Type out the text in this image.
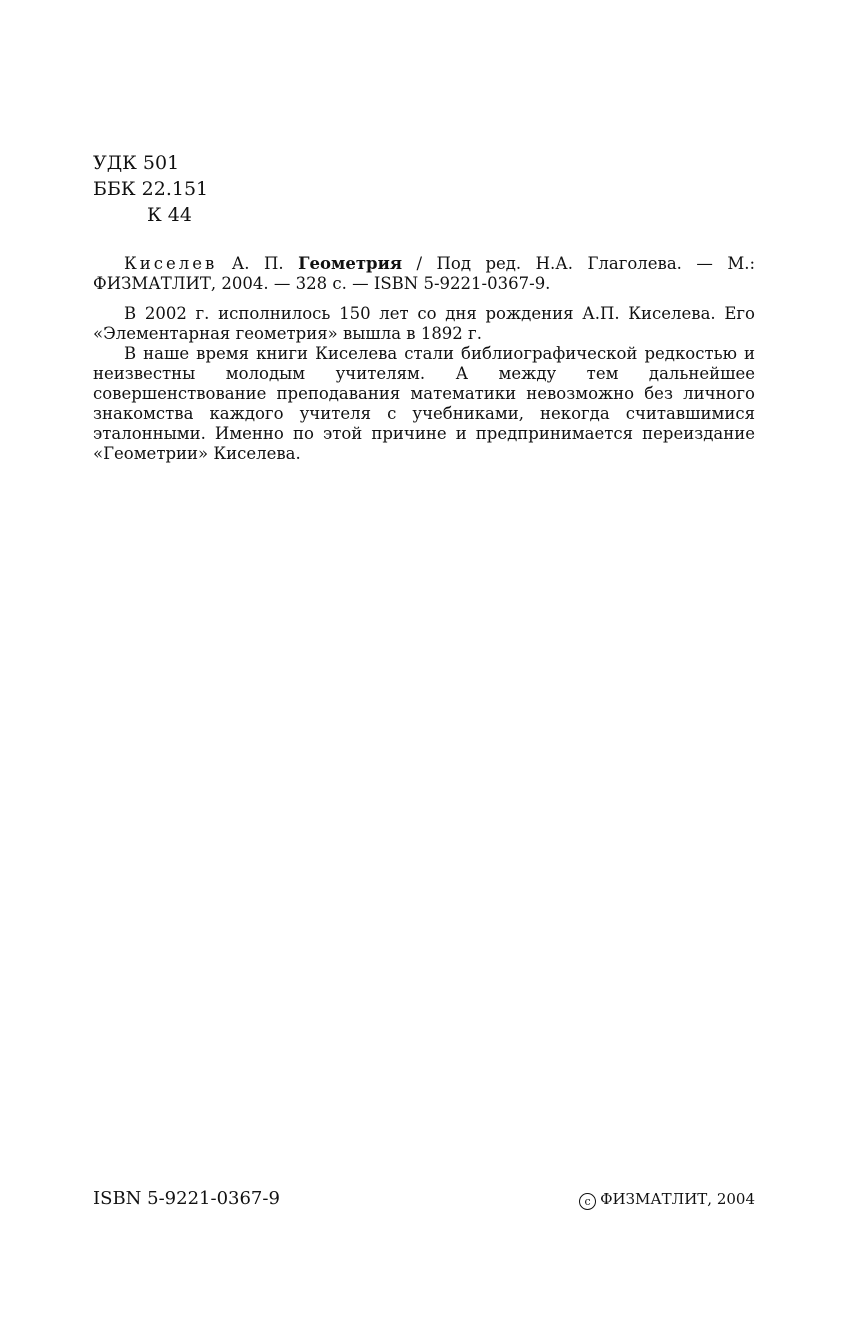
УДК 501
ББК 22.151
К 44

Киселев А. П. Геометрия / Под ред. Н.А. Глаголева. — М.: ФИЗМАТЛИТ, 2004. — 328 с. — ISBN 5-9221-0367-9.

В 2002 г. исполнилось 150 лет со дня рождения А.П. Киселева. Его «Элементарная геометрия» вышла в 1892 г.

В наше время книги Киселева стали библиографической редкостью и неизвестны молодым учителям. А между тем дальнейшее совершенствование преподавания математики невозможно без личного знакомства каждого учителя с учебниками, некогда считавшимися эталонными. Именно по этой причине и предпринимается переиздание «Геометрии» Киселева.

ISBN 5-9221-0367-9	c ФИЗМАТЛИТ, 2004
